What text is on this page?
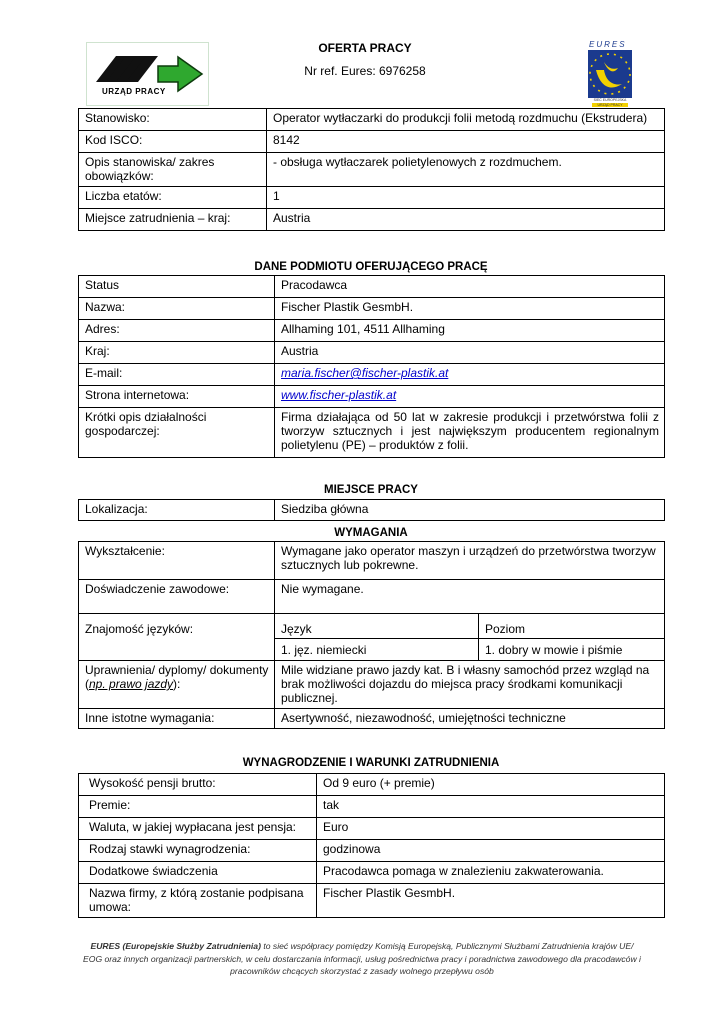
URZĄD PRACY
OFERTA PRACY
Nr ref. Eures: 6976258
EURES
SIEĆ EUROPEJSKA
URZĄD PRACY
Stanowisko:	Operator wytłaczarki do produkcji folii metodą rozdmuchu (Ekstrudera)
Kod ISCO:	8142
Opis stanowiska/ zakres obowiązków:	- obsługa wytłaczarek polietylenowych z rozdmuchem.
Liczba etatów:	1
Miejsce zatrudnienia – kraj:	Austria
DANE PODMIOTU OFERUJĄCEGO PRACĘ
Status	Pracodawca
Nazwa:	Fischer Plastik GesmbH.
Adres:	Allhaming 101, 4511 Allhaming
Kraj:	Austria
E-mail:	maria.fischer@fischer-plastik.at
Strona internetowa:	www.fischer-plastik.at
Krótki opis działalności gospodarczej:	Firma działająca od 50 lat w zakresie produkcji i przetwórstwa folii z tworzyw sztucznych i jest największym producentem regionalnym polietylenu (PE) – produktów z folii.
MIEJSCE PRACY
Lokalizacja:	Siedziba główna
WYMAGANIA
Wykształcenie:	Wymagane jako operator maszyn i urządzeń do przetwórstwa tworzyw sztucznych lub pokrewne.	
Doświadczenie zawodowe:	Nie wymagane.	
Znajomość języków:	Język	Poziom
	1. jęz. niemiecki	1. dobry w mowie i piśmie
Uprawnienia/ dyplomy/ dokumenty
(np. prawo jazdy):	Mile widziane prawo jazdy kat. B i własny samochód przez wzgląd na brak możliwości dojazdu do miejsca pracy środkami komunikacji publicznej.	
Inne istotne wymagania:	Asertywność, niezawodność, umiejętności techniczne	
WYNAGRODZENIE I WARUNKI ZATRUDNIENIA
Wysokość pensji brutto:	Od 9 euro (+ premie)
Premie:	tak
Waluta, w jakiej wypłacana jest pensja:	Euro
Rodzaj stawki wynagrodzenia:	godzinowa
Dodatkowe świadczenia	Pracodawca pomaga w znalezieniu zakwaterowania.
Nazwa firmy, z którą zostanie podpisana umowa:	Fischer Plastik GesmbH.
EURES (Europejskie Służby Zatrudnienia) to sieć współpracy pomiędzy Komisją Europejską, Publicznymi Służbami Zatrudnienia krajów UE/ EOG oraz innych organizacji partnerskich, w celu dostarczania informacji, usług pośrednictwa pracy i poradnictwa zawodowego dla pracodawców i pracowników chcących skorzystać z zasady wolnego przepływu osób
